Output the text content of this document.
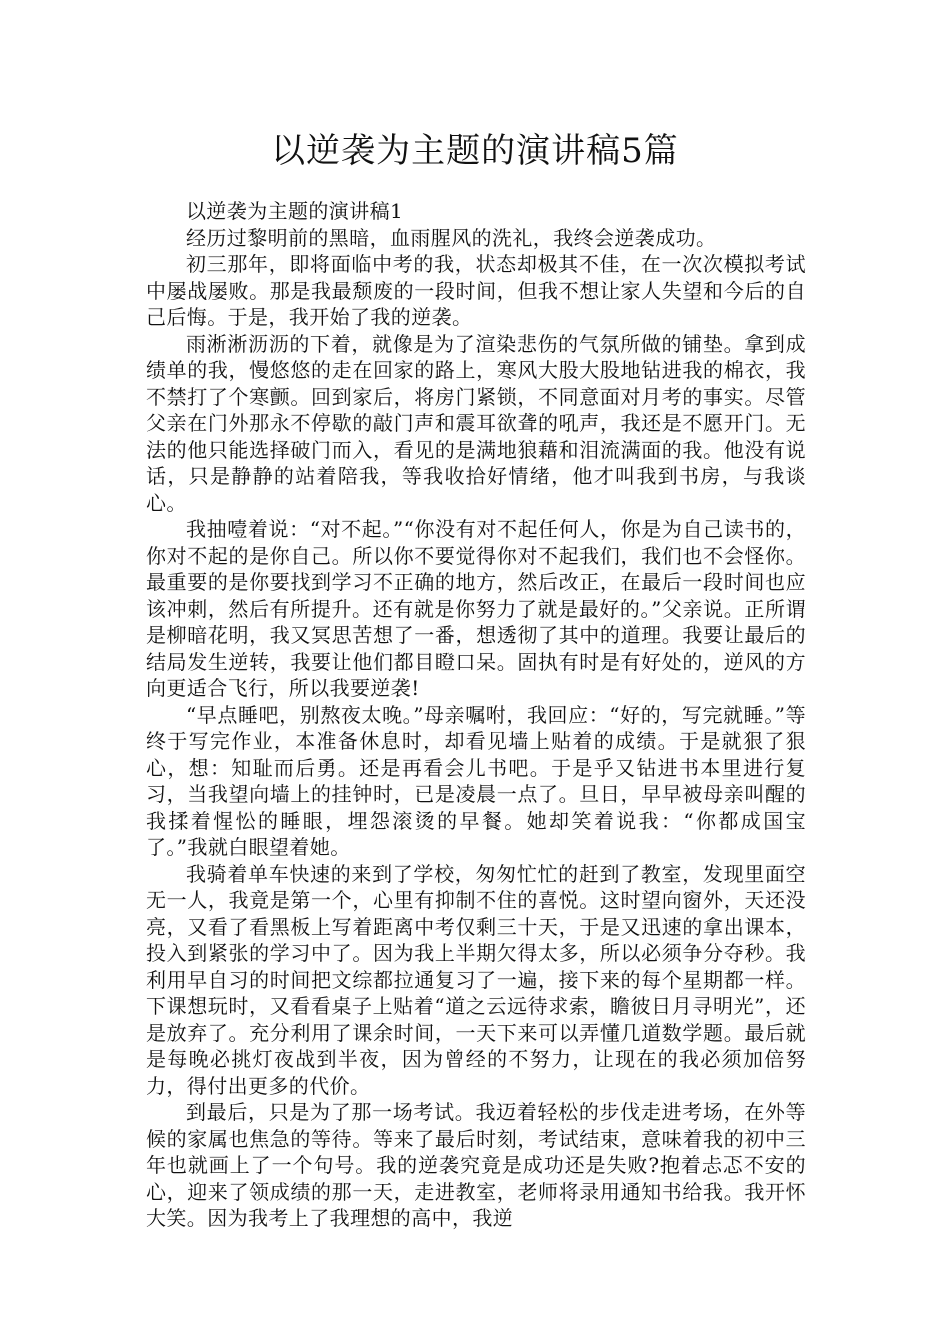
以逆袭为主题的演讲稿5篇

以逆袭为主题的演讲稿1

经历过黎明前的黑暗，血雨腥风的洗礼，我终会逆袭成功。

初三那年，即将面临中考的我，状态却极其不佳，在一次次模拟考试中屡战屡败。那是我最颓废的一段时间，但我不想让家人失望和今后的自己后悔。于是，我开始了我的逆袭。

雨淅淅沥沥的下着，就像是为了渲染悲伤的气氛所做的铺垫。拿到成绩单的我，慢悠悠的走在回家的路上，寒风大股大股地钻进我的棉衣，我不禁打了个寒颤。回到家后，将房门紧锁，不同意面对月考的事实。尽管父亲在门外那永不停歇的敲门声和震耳欲聋的吼声，我还是不愿开门。无法的他只能选择破门而入，看见的是满地狼藉和泪流满面的我。他没有说话，只是静静的站着陪我，等我收拾好情绪，他才叫我到书房，与我谈心。

我抽噎着说：“对不起。”“你没有对不起任何人，你是为自己读书的，你对不起的是你自己。所以你不要觉得你对不起我们，我们也不会怪你。最重要的是你要找到学习不正确的地方，然后改正，在最后一段时间也应该冲刺，然后有所提升。还有就是你努力了就是最好的。”父亲说。正所谓是柳暗花明，我又冥思苦想了一番，想透彻了其中的道理。我要让最后的结局发生逆转，我要让他们都目瞪口呆。固执有时是有好处的，逆风的方向更适合飞行，所以我要逆袭!

“早点睡吧，别熬夜太晚。”母亲嘱咐，我回应：“好的，写完就睡。”等终于写完作业，本准备休息时，却看见墙上贴着的成绩。于是就狠了狠心，想：知耻而后勇。还是再看会儿书吧。于是乎又钻进书本里进行复习，当我望向墙上的挂钟时，已是凌晨一点了。旦日，早早被母亲叫醒的我揉着惺忪的睡眼，埋怨滚烫的早餐。她却笑着说我：“你都成国宝了。”我就白眼望着她。

我骑着单车快速的来到了学校，匆匆忙忙的赶到了教室，发现里面空无一人，我竟是第一个，心里有抑制不住的喜悦。这时望向窗外，天还没亮，又看了看黑板上写着距离中考仅剩三十天，于是又迅速的拿出课本，投入到紧张的学习中了。因为我上半期欠得太多，所以必须争分夺秒。我利用早自习的时间把文综都拉通复习了一遍，接下来的每个星期都一样。下课想玩时，又看看桌子上贴着“道之云远待求索，瞻彼日月寻明光”，还是放弃了。充分利用了课余时间，一天下来可以弄懂几道数学题。最后就是每晚必挑灯夜战到半夜，因为曾经的不努力，让现在的我必须加倍努力，得付出更多的代价。

到最后，只是为了那一场考试。我迈着轻松的步伐走进考场，在外等候的家属也焦急的等待。等来了最后时刻，考试结束，意味着我的初中三年也就画上了一个句号。我的逆袭究竟是成功还是失败?抱着忐忑不安的心，迎来了领成绩的那一天，走进教室，老师将录用通知书给我。我开怀大笑。因为我考上了我理想的高中，我逆
